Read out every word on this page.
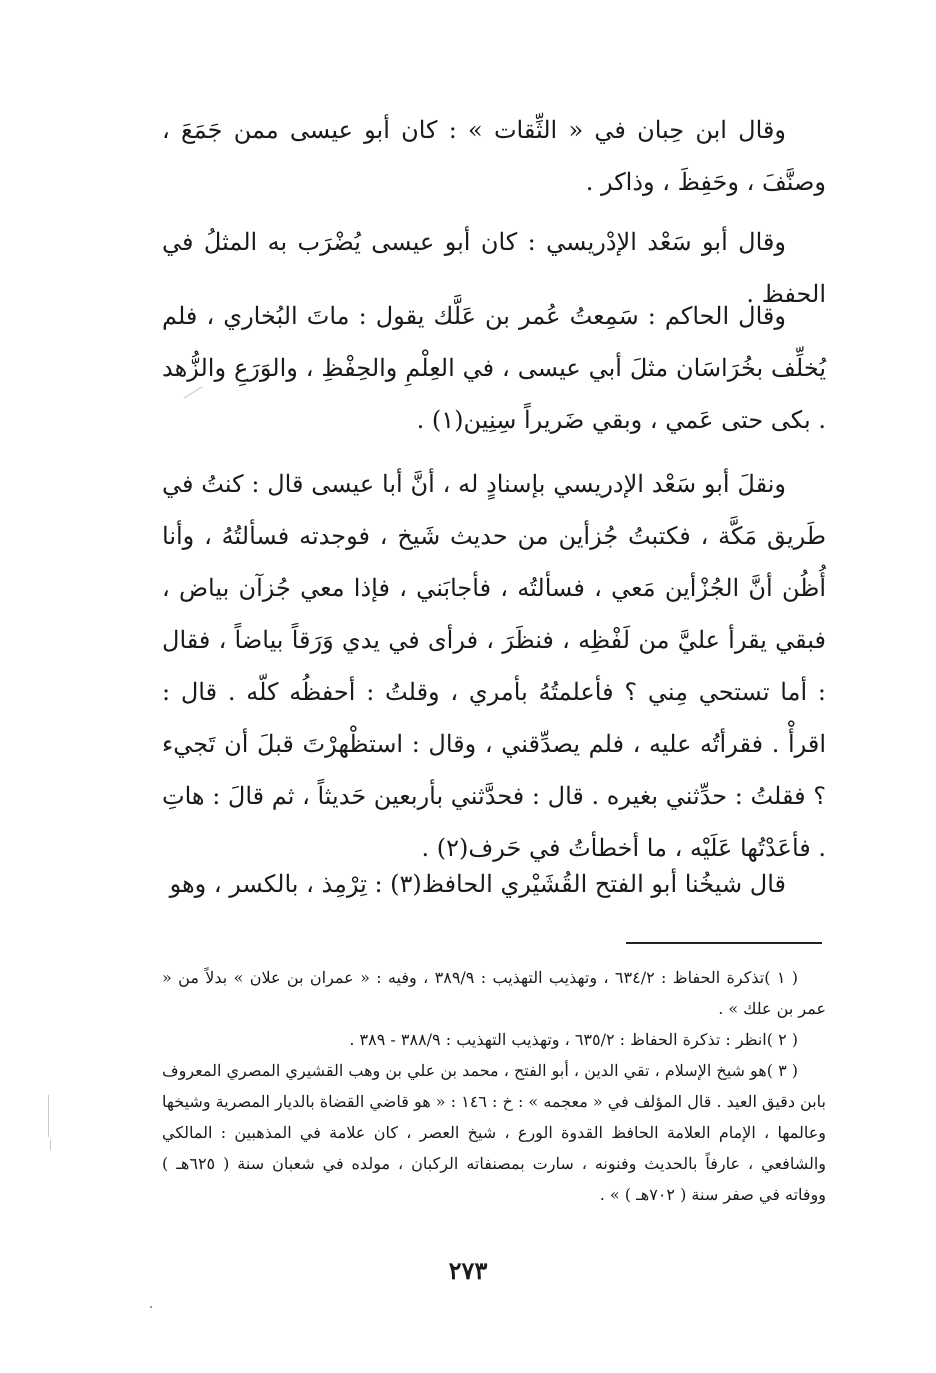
وقال ابن حِبان في « الثِّقات » : كان أبو عيسى ممن جَمَعَ ، وصنَّفَ ، وحَفِظَ ، وذاكر .

وقال أبو سَعْد الإدْريسي : كان أبو عيسى يُضْرَب به المثلُ في الحفظ .

وقال الحاكم : سَمِعتُ عُمر بن عَلَّك يقول : ماتَ البُخاري ، فلم يُخلِّف بخُرَاسَان مثلَ أبي عيسى ، في العِلْمِ والحِفْظِ ، والوَرَعِ والزُّهد . بكى حتى عَمي ، وبقي ضَريراً سِنِين(١) .

ونقلَ أبو سَعْد الإدريسي بإسنادٍ له ، أنَّ أبا عيسى قال : كنتُ في طَريق مَكَّة ، فكتبتُ جُزأين من حديث شَيخ ، فوجدته فسألتُهُ ، وأنا أُظُن أنَّ الجُزْأين مَعي ، فسألتُه ، فأجابَني ، فإذا معي جُزآن بياض ، فبقي يقرأ عليَّ من لَفْظِه ، فنظَرَ ، فرأى في يدي وَرَقاً بياضاً ، فقال : أما تستحي مِني ؟ فأعلمتُهُ بأمري ، وقلتُ : أحفظُه كلّه . قال : اقرأْ . فقرأتُه عليه ، فلم يصدِّقني ، وقال : استظْهرْتَ قبلَ أن تَجيء ؟ فقلتُ : حدِّثني بغيره . قال : فحدَّثني بأربعين حَديثاً ، ثم قالَ : هاتِ . فأعَدْتُها عَلَيْه ، ما أخطأتُ في حَرف(٢) .

قال شيخُنا أبو الفتح القُشَيْري الحافظ(٣) : تِرْمِذ ، بالكسر ، وهو

( ١ )تذكرة الحفاظ : ٦٣٤/٢ ، وتهذيب التهذيب : ٣٨٩/٩ ، وفيه : « عمران بن علان » بدلاً من « عمر بن علك » .

( ٢ )انظر : تذكرة الحفاظ : ٦٣٥/٢ ، وتهذيب التهذيب : ٣٨٨/٩ - ٣٨٩ .

( ٣ )هو شيخ الإسلام ، تقي الدين ، أبو الفتح ، محمد بن علي بن وهب القشيري المصري المعروف بابن دقيق العيد . قال المؤلف في « معجمه » : خ : ١٤٦ : « هو قاضي القضاة بالديار المصرية وشيخها وعالمها ، الإمام العلامة الحافظ القدوة الورع ، شيخ العصر ، كان علامة في المذهبين : المالكي والشافعي ، عارفاً بالحديث وفنونه ، سارت بمصنفاته الركبان ، مولده في شعبان سنة ( ٦٢٥هـ ) ووفاته في صفر سنة ( ٧٠٢هـ ) » .

٢٧٣
